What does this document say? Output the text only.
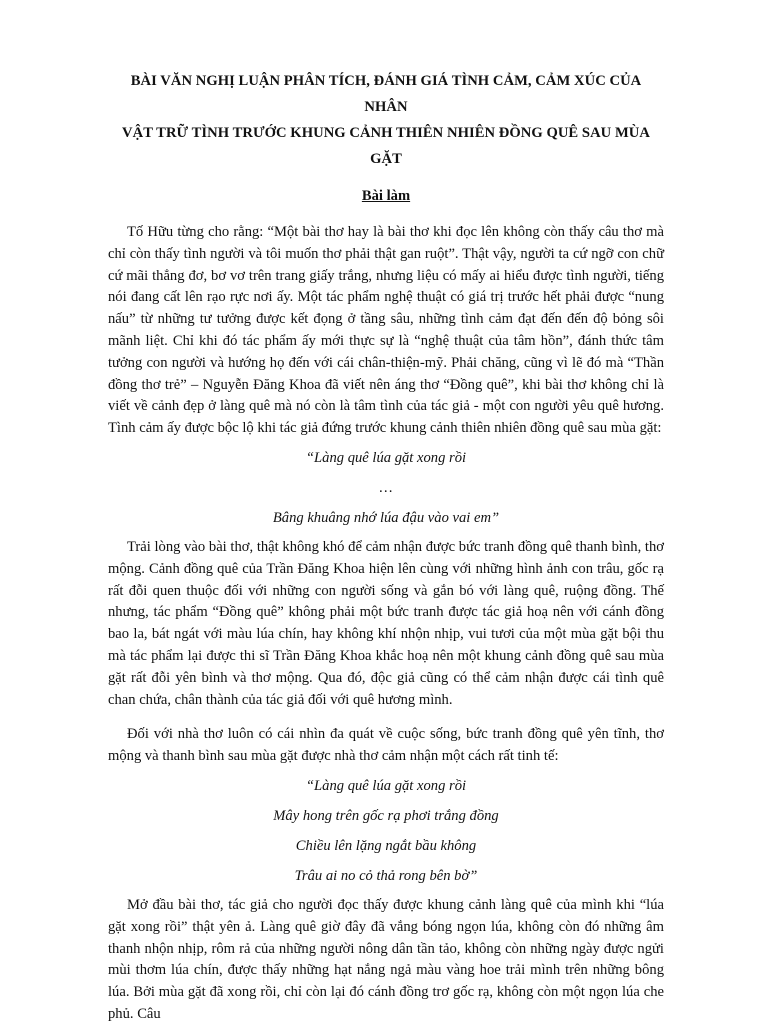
BÀI VĂN NGHỊ LUẬN PHÂN TÍCH, ĐÁNH GIÁ TÌNH CẢM, CẢM XÚC CỦA NHÂN
VẬT TRỮ TÌNH TRƯỚC KHUNG CẢNH THIÊN NHIÊN ĐỒNG QUÊ SAU MÙA GẶT

Bài làm

Tố Hữu từng cho rằng: “Một bài thơ hay là bài thơ khi đọc lên không còn thấy câu thơ mà chỉ còn thấy tình người và tôi muốn thơ phải thật gan ruột”. Thật vậy, người ta cứ ngỡ con chữ cứ mãi thẳng đơ, bơ vơ trên trang giấy trắng, nhưng liệu có mấy ai hiểu được tình người, tiếng nói đang cất lên rạo rực nơi ấy. Một tác phẩm nghệ thuật có giá trị trước hết phải được “nung nấu” từ những tư tưởng được kết đọng ở tầng sâu, những tình cảm đạt đến đến độ bỏng sôi mãnh liệt. Chỉ khi đó tác phẩm ấy mới thực sự là “nghệ thuật của tâm hồn”, đánh thức tâm tưởng con người và hướng họ đến với cái chân-thiện-mỹ. Phải chăng, cũng vì lẽ đó mà “Thần đồng thơ trẻ” – Nguyễn Đăng Khoa đã viết nên áng thơ “Đồng quê”, khi bài thơ không chỉ là viết về cảnh đẹp ở làng quê mà nó còn là tâm tình của tác giả - một con người yêu quê hương. Tình cảm ấy được bộc lộ khi tác giả đứng trước khung cảnh thiên nhiên đồng quê sau mùa gặt:

“Làng quê lúa gặt xong rồi

…

Bâng khuâng nhớ lúa đậu vào vai em”

Trải lòng vào bài thơ, thật không khó để cảm nhận được bức tranh đồng quê thanh bình, thơ mộng. Cảnh đồng quê của Trần Đăng Khoa hiện lên cùng với những hình ảnh con trâu, gốc rạ rất đỗi quen thuộc đối với những con người sống và gắn bó với làng quê, ruộng đồng. Thế nhưng, tác phẩm “Đồng quê” không phải một bức tranh được tác giả hoạ nên với cánh đồng bao la, bát ngát với màu lúa chín, hay không khí nhộn nhịp, vui tươi của một mùa gặt bội thu mà tác phẩm lại được thi sĩ Trần Đăng Khoa khắc hoạ nên một khung cảnh đồng quê sau mùa gặt rất đỗi yên bình và thơ mộng. Qua đó, độc giả cũng có thể cảm nhận được cái tình quê chan chứa, chân thành của tác giả đối với quê hương mình.

Đối với nhà thơ luôn có cái nhìn đa quát về cuộc sống, bức tranh đồng quê yên tĩnh, thơ mộng và thanh bình sau mùa gặt được nhà thơ cảm nhận một cách rất tinh tế:

“Làng quê lúa gặt xong rồi

Mây hong trên gốc rạ phơi trắng đồng

Chiều lên lặng ngắt bầu không

Trâu ai no cỏ thả rong bên bờ”

Mở đầu bài thơ, tác giả cho người đọc thấy được khung cảnh làng quê của mình khi “lúa gặt xong rồi” thật yên ả. Làng quê giờ đây đã vắng bóng ngọn lúa, không còn đó những âm thanh nhộn nhịp, rôm rả của những người nông dân tần tảo, không còn những ngày được ngửi mùi thơm lúa chín, được thấy những hạt nắng ngả màu vàng hoe trải mình trên những bông lúa. Bởi mùa gặt đã xong rồi, chỉ còn lại đó cánh đồng trơ gốc rạ, không còn một ngọn lúa che phủ. Câu
